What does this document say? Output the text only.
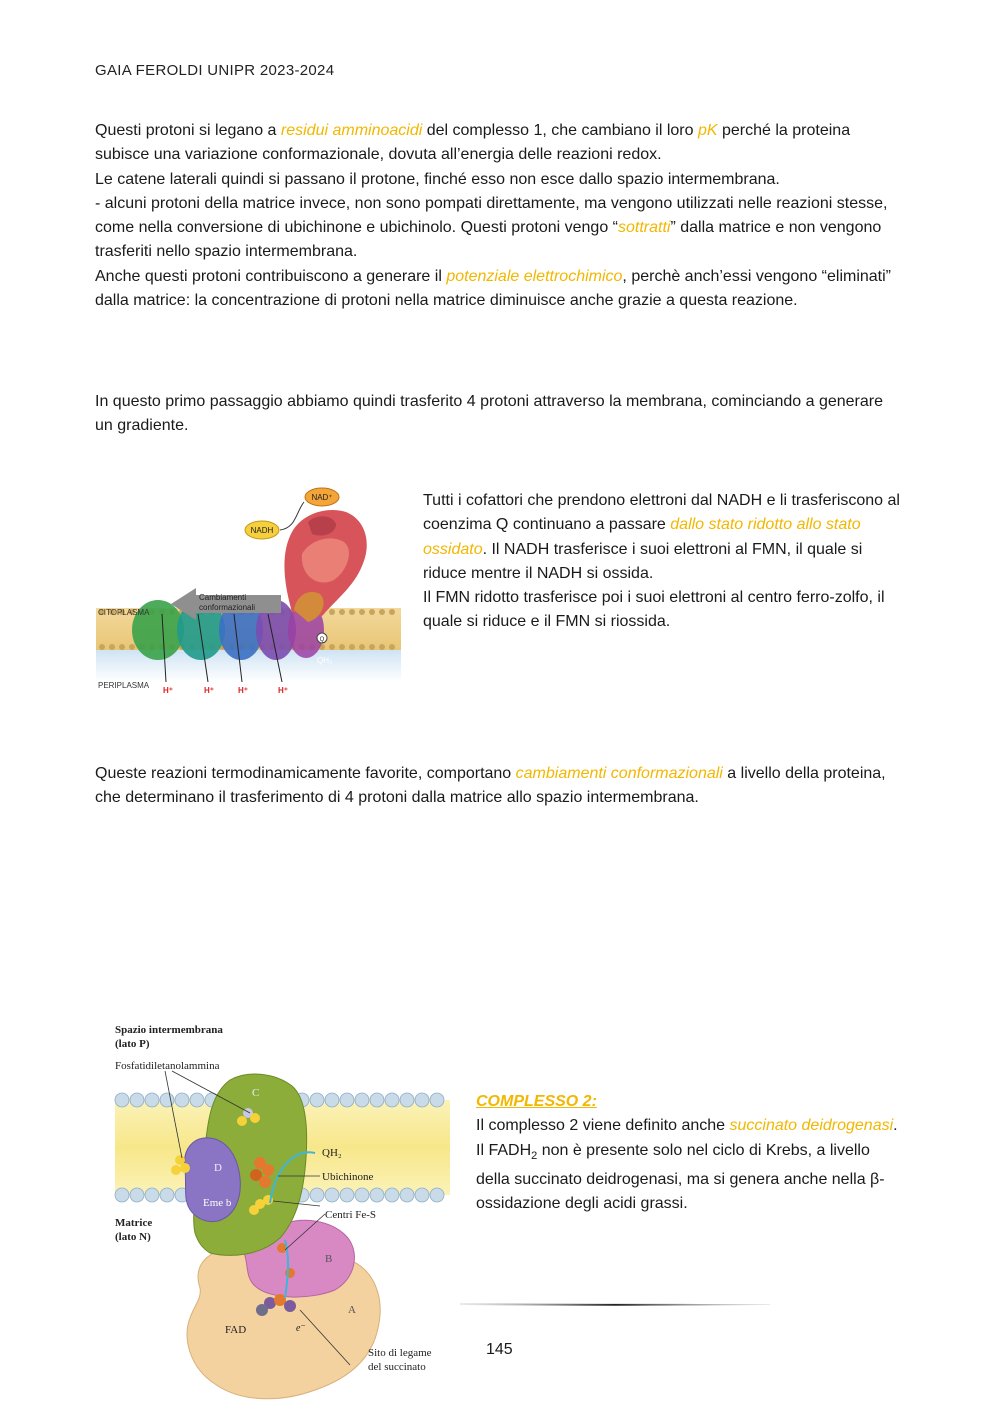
GAIA FEROLDI UNIPR 2023-2024

Questi protoni si legano a residui amminoacidi del complesso 1, che cambiano il loro pK perché la proteina subisce una variazione conformazionale, dovuta all’energia delle reazioni redox.

Le catene laterali quindi si passano il protone, finché esso non esce dallo spazio intermembrana.

- alcuni protoni della matrice invece, non sono pompati direttamente, ma vengono utilizzati nelle reazioni stesse, come nella conversione di ubichinone e ubichinolo. Questi protoni vengo “sottratti” dalla matrice e non vengono trasferiti nello spazio intermembrana.

Anche questi protoni contribuiscono a generare il potenziale elettrochimico, perchè anch’essi vengono “eliminati” dalla matrice: la concentrazione di protoni nella matrice diminuisce anche grazie a questa reazione.

In questo primo passaggio abbiamo quindi trasferito 4 protoni attraverso la membrana, cominciando a generare un gradiente.

Cambiamenti
conformazionali
CITOPLASMA
PERIPLASMA
NAD⁺
NADH
Q
QH₂
H⁺	H⁺	H⁺	H⁺

Tutti i cofattori che prendono elettroni dal NADH e li trasferiscono al coenzima Q continuano a passare dallo stato ridotto allo stato ossidato. Il NADH trasferisce i suoi elettroni al FMN, il quale si riduce mentre il NADH si ossida.

Il FMN ridotto trasferisce poi i suoi elettroni al centro ferro-zolfo, il quale si riduce e il FMN si riossida.

Queste reazioni termodinamicamente favorite, comportano cambiamenti conformazionali a livello della proteina, che determinano il trasferimento di 4 protoni dalla matrice allo spazio intermembrana.

Spazio intermembrana
(lato P)
Fosfatidiletanolammina
QH₂
Ubichinone
Eme b
Centri Fe-S
Matrice
(lato N)
FAD	e⁻
Sito di legame
del succinato
A
B
C
D

COMPLESSO 2:

Il complesso 2 viene definito anche succinato deidrogenasi.

Il $FADH_2$ non è presente solo nel ciclo di Krebs, a livello della succinato deidrogenasi, ma si genera anche nella β-ossidazione degli acidi grassi.

145
